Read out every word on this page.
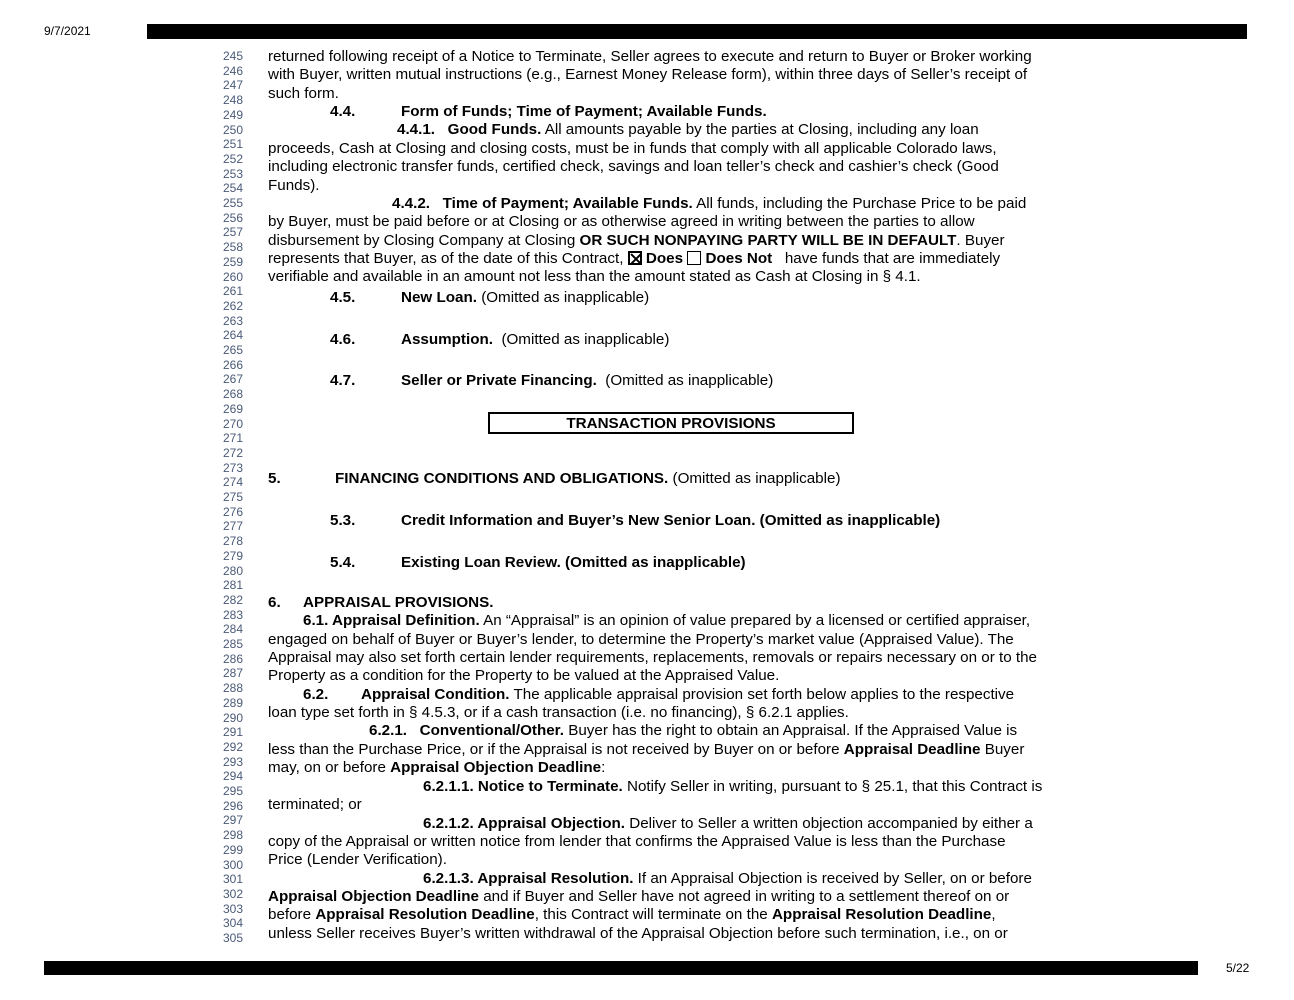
9/7/2021
245
246
247
248
249
250
251
252
253
254
255
256
257
258
259
260
261
262
263
264
265
266
267
268
269
270
271
272
273
274
275
276
277
278
279
280
281
282
283
284
285
286
287
288
289
290
291
292
293
294
295
296
297
298
299
300
301
302
303
304
305
returned following receipt of a Notice to Terminate, Seller agrees to execute and return to Buyer or Broker working
with Buyer, written mutual instructions (e.g., Earnest Money Release form), within three days of Seller’s receipt of
such form.
4.4.	Form of Funds; Time of Payment; Available Funds.
4.4.1. Good Funds. All amounts payable by the parties at Closing, including any loan
proceeds, Cash at Closing and closing costs, must be in funds that comply with all applicable Colorado laws,
including electronic transfer funds, certified check, savings and loan teller’s check and cashier’s check (Good
Funds).
4.4.2. Time of Payment; Available Funds. All funds, including the Purchase Price to be paid
by Buyer, must be paid before or at Closing or as otherwise agreed in writing between the parties to allow
disbursement by Closing Company at Closing OR SUCH NONPAYING PARTY WILL BE IN DEFAULT. Buyer
represents that Buyer, as of the date of this Contract, Does Does Not have funds that are immediately
verifiable and available in an amount not less than the amount stated as Cash at Closing in § 4.1.
4.5.	New Loan. (Omitted as inapplicable)
4.6.	Assumption. (Omitted as inapplicable)
4.7.	Seller or Private Financing. (Omitted as inapplicable)
TRANSACTION PROVISIONS
5.	FINANCING CONDITIONS AND OBLIGATIONS. (Omitted as inapplicable)
5.3.	Credit Information and Buyer’s New Senior Loan. (Omitted as inapplicable)
5.4.	Existing Loan Review. (Omitted as inapplicable)
6. APPRAISAL PROVISIONS.
6.1. Appraisal Definition. An “Appraisal” is an opinion of value prepared by a licensed or certified appraiser,
engaged on behalf of Buyer or Buyer’s lender, to determine the Property’s market value (Appraised Value). The
Appraisal may also set forth certain lender requirements, replacements, removals or repairs necessary on or to the
Property as a condition for the Property to be valued at the Appraised Value.
6.2. Appraisal Condition. The applicable appraisal provision set forth below applies to the respective
loan type set forth in § 4.5.3, or if a cash transaction (i.e. no financing), § 6.2.1 applies.
6.2.1. Conventional/Other. Buyer has the right to obtain an Appraisal. If the Appraised Value is
less than the Purchase Price, or if the Appraisal is not received by Buyer on or before Appraisal Deadline Buyer
may, on or before Appraisal Objection Deadline:
6.2.1.1. Notice to Terminate. Notify Seller in writing, pursuant to § 25.1, that this Contract is
terminated; or
6.2.1.2. Appraisal Objection. Deliver to Seller a written objection accompanied by either a
copy of the Appraisal or written notice from lender that confirms the Appraised Value is less than the Purchase
Price (Lender Verification).
6.2.1.3. Appraisal Resolution. If an Appraisal Objection is received by Seller, on or before
Appraisal Objection Deadline and if Buyer and Seller have not agreed in writing to a settlement thereof on or
before Appraisal Resolution Deadline, this Contract will terminate on the Appraisal Resolution Deadline,
unless Seller receives Buyer’s written withdrawal of the Appraisal Objection before such termination, i.e., on or
5/22
